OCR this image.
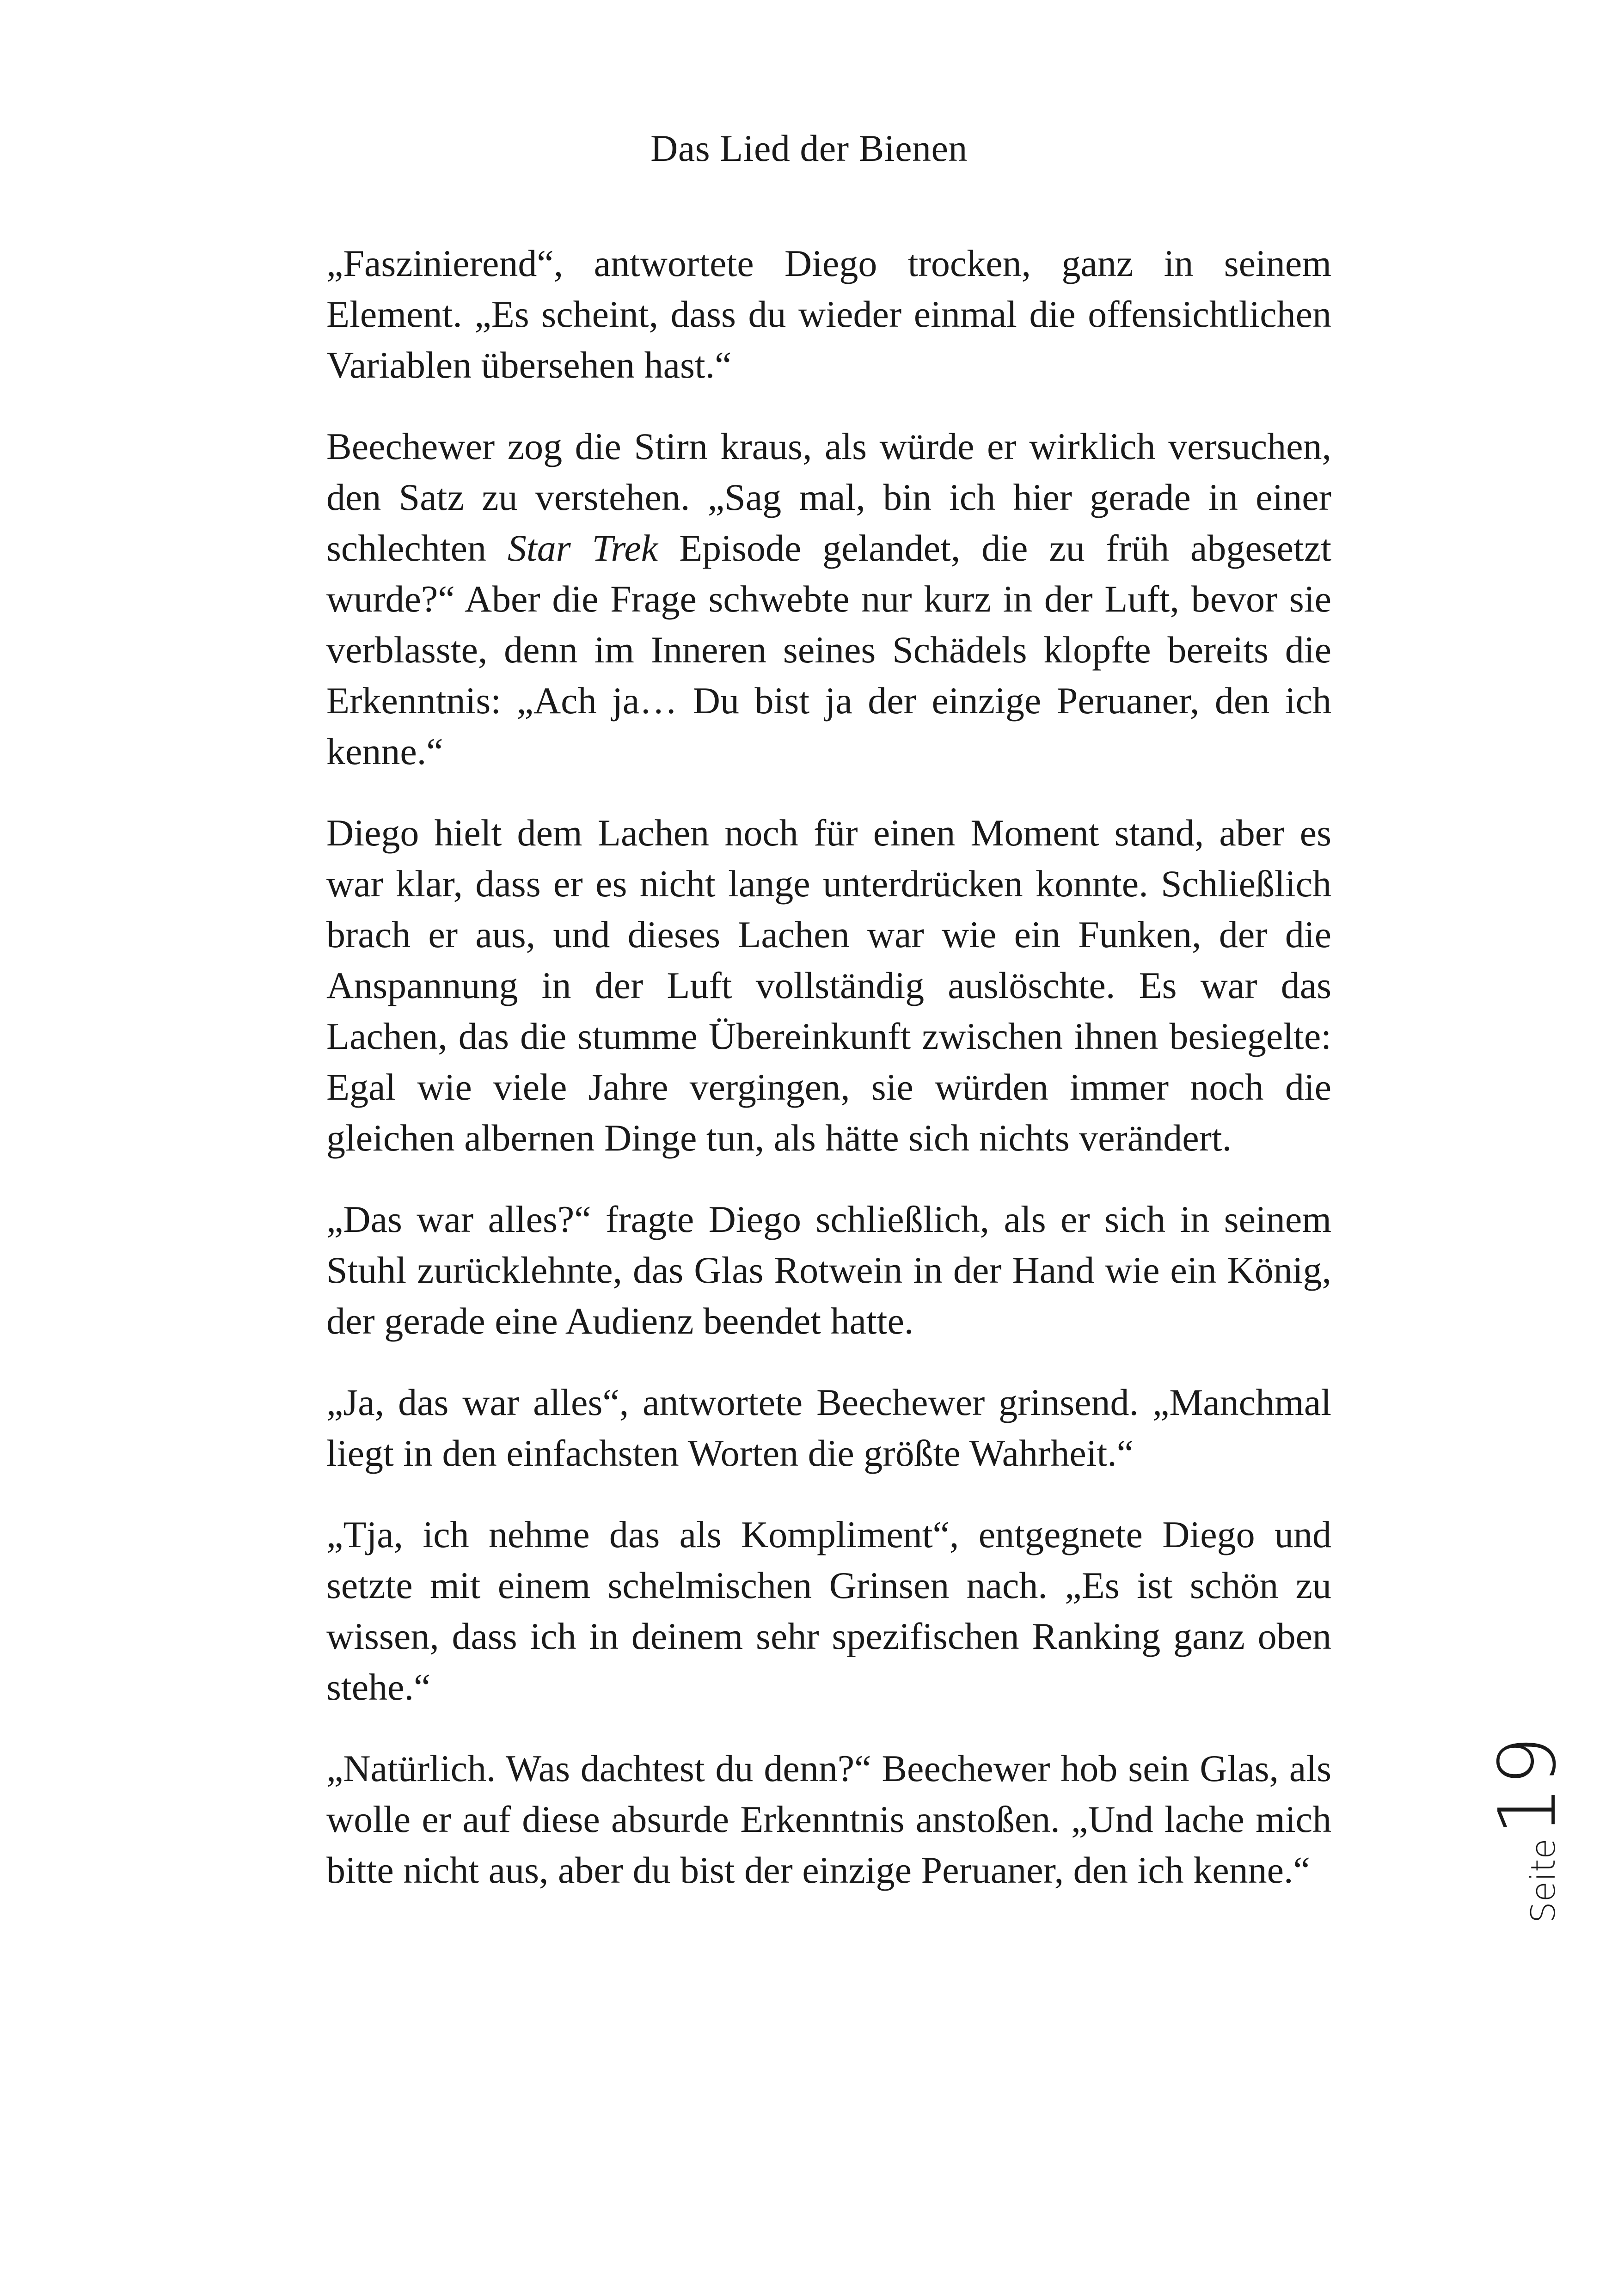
Das Lied der Bienen

„Faszinierend“, antwortete Diego trocken, ganz in seinem Element. „Es scheint, dass du wieder einmal die offensichtlichen Variablen übersehen hast.“

Beechewer zog die Stirn kraus, als würde er wirklich versuchen, den Satz zu verstehen. „Sag mal, bin ich hier gerade in einer schlechten Star Trek Episode gelandet, die zu früh abgesetzt wurde?“ Aber die Frage schwebte nur kurz in der Luft, bevor sie verblasste, denn im Inneren seines Schädels klopfte bereits die Erkenntnis: „Ach ja… Du bist ja der einzige Peruaner, den ich kenne.“

Diego hielt dem Lachen noch für einen Moment stand, aber es war klar, dass er es nicht lange unterdrücken konnte. Schließlich brach er aus, und dieses Lachen war wie ein Funken, der die Anspannung in der Luft vollständig auslöschte. Es war das Lachen, das die stumme Übereinkunft zwischen ihnen besiegelte: Egal wie viele Jahre vergingen, sie würden immer noch die gleichen albernen Dinge tun, als hätte sich nichts verändert.

„Das war alles?“ fragte Diego schließlich, als er sich in seinem Stuhl zurücklehnte, das Glas Rotwein in der Hand wie ein König, der gerade eine Audienz beendet hatte.

„Ja, das war alles“, antwortete Beechewer grinsend. „Manchmal liegt in den einfachsten Worten die größte Wahrheit.“

„Tja, ich nehme das als Kompliment“, entgegnete Diego und setzte mit einem schelmischen Grinsen nach. „Es ist schön zu wissen, dass ich in deinem sehr spezifischen Ranking ganz oben stehe.“

„Natürlich. Was dachtest du denn?“ Beechewer hob sein Glas, als wolle er auf diese absurde Erkenntnis anstoßen. „Und lache mich bitte nicht aus, aber du bist der einzige Peruaner, den ich kenne.“	Seite19
